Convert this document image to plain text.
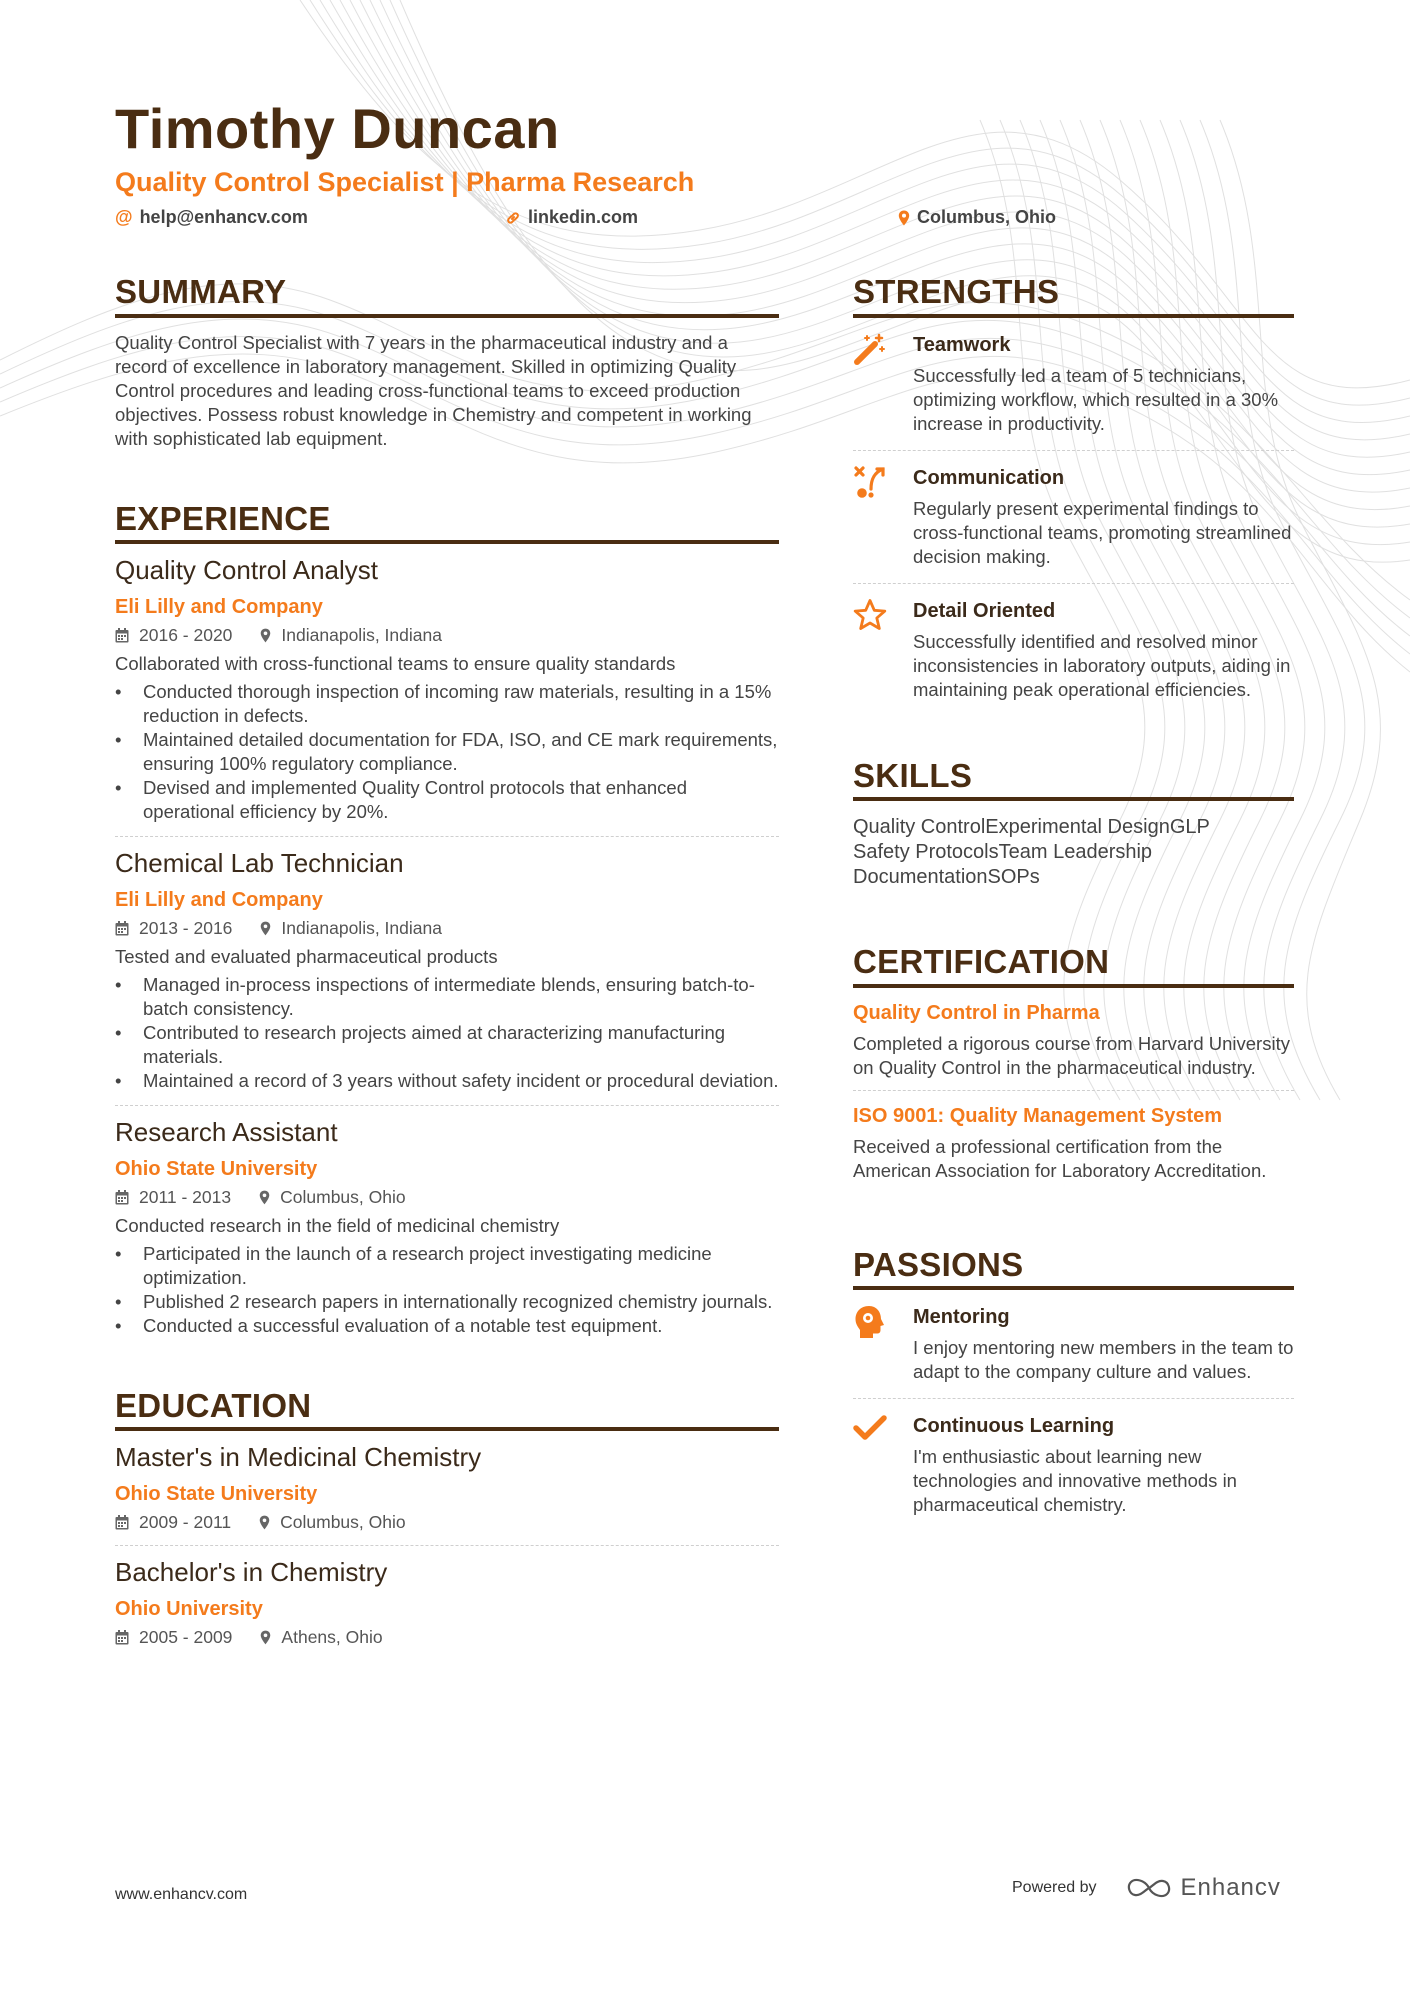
Timothy Duncan
Quality Control Specialist | Pharma Research
@ help@enhancv.com	linkedin.com	Columbus, Ohio
SUMMARY
Quality Control Specialist with 7 years in the pharmaceutical industry and a record of excellence in laboratory management. Skilled in optimizing Quality Control procedures and leading cross-functional teams to exceed production objectives. Possess robust knowledge in Chemistry and competent in working with sophisticated lab equipment.
EXPERIENCE
Quality Control Analyst
Eli Lilly and Company
2016 - 2020	Indianapolis, Indiana
Collaborated with cross-functional teams to ensure quality standards
• Conducted thorough inspection of incoming raw materials, resulting in a 15% reduction in defects.
• Maintained detailed documentation for FDA, ISO, and CE mark requirements, ensuring 100% regulatory compliance.
• Devised and implemented Quality Control protocols that enhanced operational efficiency by 20%.
Chemical Lab Technician
Eli Lilly and Company
2013 - 2016	Indianapolis, Indiana
Tested and evaluated pharmaceutical products
• Managed in-process inspections of intermediate blends, ensuring batch-to-batch consistency.
• Contributed to research projects aimed at characterizing manufacturing materials.
• Maintained a record of 3 years without safety incident or procedural deviation.
Research Assistant
Ohio State University
2011 - 2013	Columbus, Ohio
Conducted research in the field of medicinal chemistry
• Participated in the launch of a research project investigating medicine optimization.
• Published 2 research papers in internationally recognized chemistry journals.
• Conducted a successful evaluation of a notable test equipment.
EDUCATION
Master's in Medicinal Chemistry
Ohio State University
2009 - 2011	Columbus, Ohio
Bachelor's in Chemistry
Ohio University
2005 - 2009	Athens, Ohio
STRENGTHS
Teamwork
Successfully led a team of 5 technicians, optimizing workflow, which resulted in a 30% increase in productivity.
Communication
Regularly present experimental findings to cross-functional teams, promoting streamlined decision making.
Detail Oriented
Successfully identified and resolved minor inconsistencies in laboratory outputs, aiding in maintaining peak operational efficiencies.
SKILLS
Quality ControlExperimental DesignGLP
Safety ProtocolsTeam Leadership
DocumentationSOPs
CERTIFICATION
Quality Control in Pharma
Completed a rigorous course from Harvard University on Quality Control in the pharmaceutical industry.
ISO 9001: Quality Management System
Received a professional certification from the American Association for Laboratory Accreditation.
PASSIONS
Mentoring
I enjoy mentoring new members in the team to adapt to the company culture and values.
Continuous Learning
I'm enthusiastic about learning new technologies and innovative methods in pharmaceutical chemistry.
www.enhancv.com	Powered by	Enhancv
